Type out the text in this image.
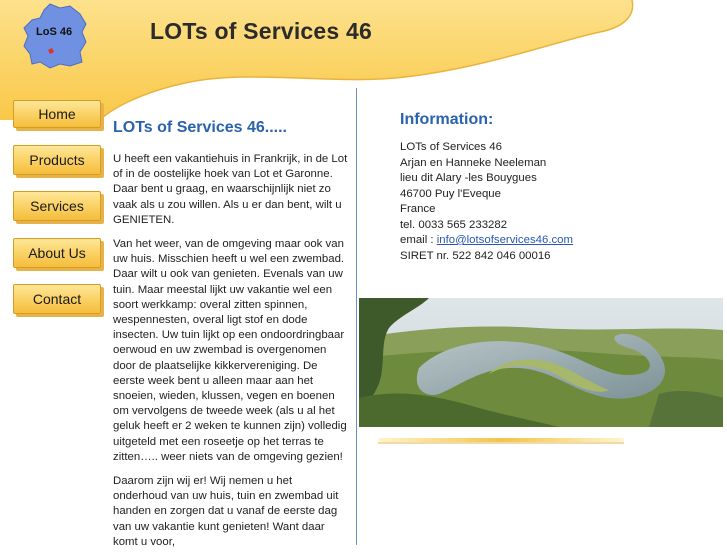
LoS 46	LOTs of Services 46
Home
Products
Services
About Us
Contact
LOTs of Services 46.....

U heeft een vakantiehuis in Frankrijk, in de Lot of in de oostelijke hoek van Lot et Garonne. Daar bent u graag, en waarschijnlijk niet zo vaak als u zou willen. Als u er dan bent, wilt u GENIETEN.

Van het weer, van de omgeving maar ook van uw huis. Misschien heeft u wel een zwembad. Daar wilt u ook van genieten. Evenals van uw tuin. Maar meestal lijkt uw vakantie wel een soort werkkamp: overal zitten spinnen, wespennesten, overal ligt stof en dode insecten. Uw tuin lijkt op een ondoordringbaar oerwoud en uw zwembad is overgenomen door de plaatselijke kikkervereniging. De eerste week bent u alleen maar aan het snoeien, wieden, klussen, vegen en boenen om vervolgens de tweede week (als u al het geluk heeft er 2 weken te kunnen zijn) volledig uitgeteld met een roseetje op het terras te zitten….. weer niets van de omgeving gezien!

Daarom zijn wij er! Wij nemen u het onderhoud van uw huis, tuin en zwembad uit handen en zorgen dat u vanaf de eerste dag van uw vakantie kunt genieten! Want daar komt u voor,

Information:
LOTs of Services 46
Arjan en Hanneke Neeleman
lieu dit Alary -les Bouygues
46700 Puy l'Eveque
France
tel. 0033 565 233282
email : info@lotsofservices46.com
SIRET nr. 522 842 046 00016
